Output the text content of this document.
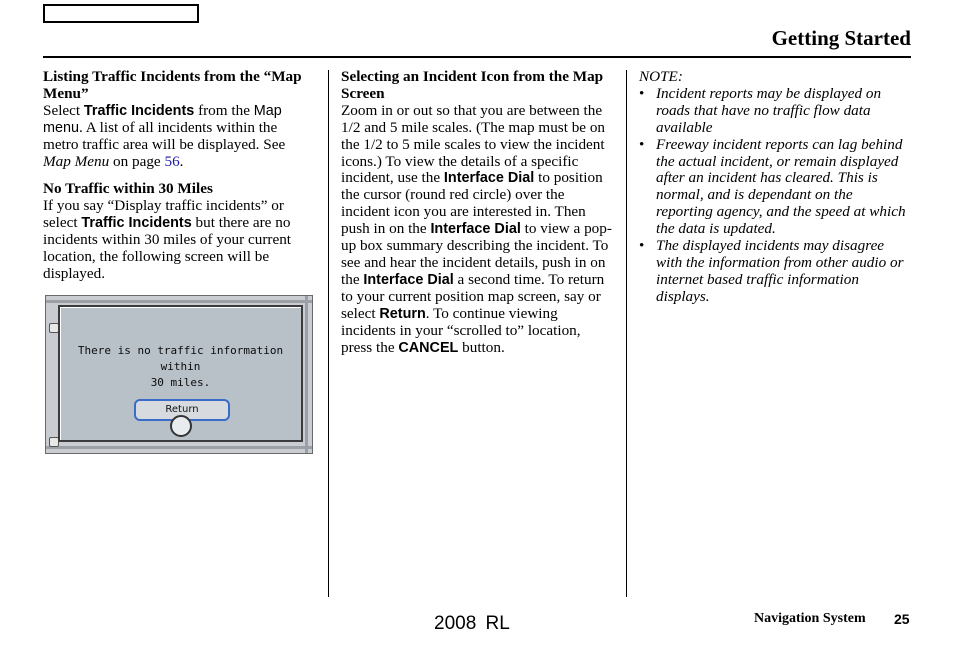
Getting Started
Listing Traffic Incidents from the “Map Menu”
Select Traffic Incidents from the Map menu. A list of all incidents within the metro traffic area will be displayed. See Map Menu on page 56.
No Traffic within 30 Miles
If you say “Display traffic incidents” or select Traffic Incidents but there are no incidents within 30 miles of your current location, the following screen will be displayed.
There is no traffic information within
30 miles.
Return
Selecting an Incident Icon from the Map Screen
Zoom in or out so that you are between the 1/2 and 5 mile scales. (The map must be on the 1/2 to 5 mile scales to view the incident icons.) To view the details of a specific incident, use the Interface Dial to position the cursor (round red circle) over the incident icon you are interested in. Then push in on the Interface Dial to view a pop-up box summary describing the incident. To see and hear the incident details, push in on the Interface Dial a second time. To return to your current position map screen, say or select Return. To continue viewing incidents in your “scrolled to” location, press the CANCEL button.
NOTE:
• Incident reports may be displayed on roads that have no traffic flow data available
• Freeway incident reports can lag behind the actual incident, or remain displayed after an incident has cleared. This is normal, and is dependant on the reporting agency, and the speed at which the data is updated.
• The displayed incidents may disagree with the information from other audio or internet based traffic information displays.
2008 RL	Navigation System 25
